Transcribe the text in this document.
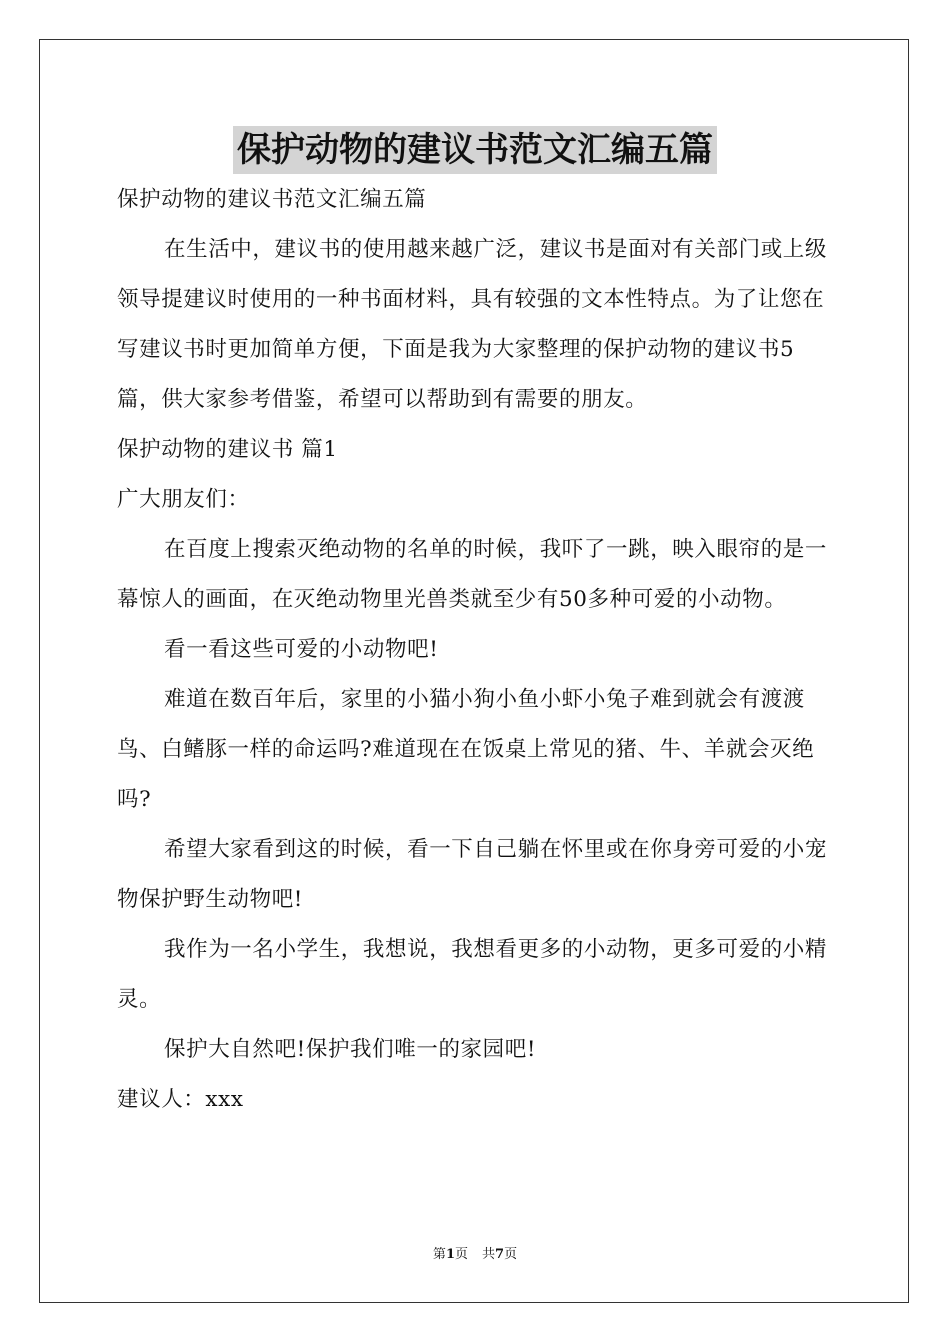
保护动物的建议书范文汇编五篇

保护动物的建议书范文汇编五篇

在生活中，建议书的使用越来越广泛，建议书是面对有关部门或上级领导提建议时使用的一种书面材料，具有较强的文本性特点。为了让您在写建议书时更加简单方便，下面是我为大家整理的保护动物的建议书5篇，供大家参考借鉴，希望可以帮助到有需要的朋友。

保护动物的建议书 篇1

广大朋友们：

在百度上搜索灭绝动物的名单的时候，我吓了一跳，映入眼帘的是一幕惊人的画面，在灭绝动物里光兽类就至少有50多种可爱的小动物。

看一看这些可爱的小动物吧!

难道在数百年后，家里的小猫小狗小鱼小虾小兔子难到就会有渡渡鸟、白鳍豚一样的命运吗?难道现在在饭桌上常见的猪、牛、羊就会灭绝吗?

希望大家看到这的时候，看一下自己躺在怀里或在你身旁可爱的小宠物保护野生动物吧!

我作为一名小学生，我想说，我想看更多的小动物，更多可爱的小精灵。

保护大自然吧!保护我们唯一的家园吧!

建议人：xxx

第1页 共7页
